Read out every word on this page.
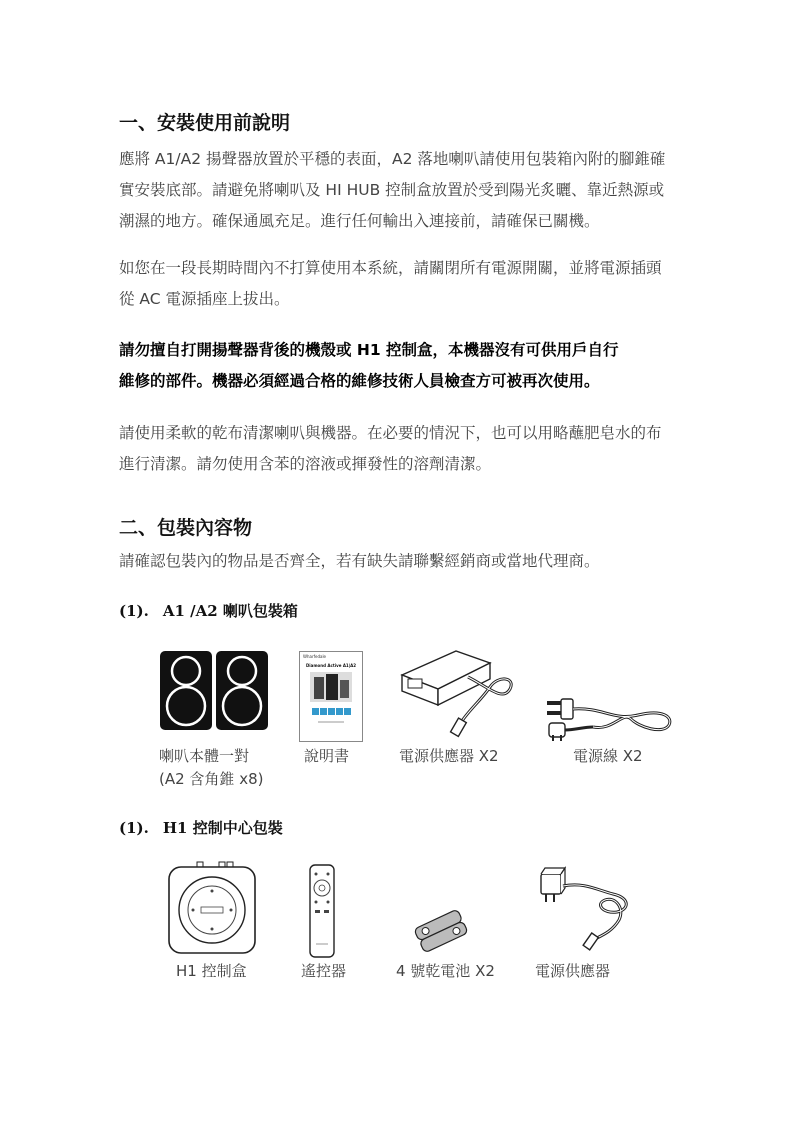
一、安裝使用前說明
應將 A1/A2 揚聲器放置於平穩的表面，A2 落地喇叭請使用包裝箱內附的腳錐確
實安裝底部。請避免將喇叭及 HI HUB 控制盒放置於受到陽光炙曬、靠近熱源或
潮濕的地方。確保通風充足。進行任何輸出入連接前，請確保已關機。
如您在一段長期時間內不打算使用本系統，請關閉所有電源開關，並將電源插頭
從 AC 電源插座上拔出。
請勿擅自打開揚聲器背後的機殼或 H1 控制盒，本機器沒有可供用戶自行
維修的部件。機器必須經過合格的維修技術人員檢查方可被再次使用。
請使用柔軟的乾布清潔喇叭與機器。在必要的情況下，也可以用略蘸肥皂水的布
進行清潔。請勿使用含苯的溶液或揮發性的溶劑清潔。
二、包裝內容物
請確認包裝內的物品是否齊全，若有缺失請聯繫經銷商或當地代理商。
(1). A1 /A2 喇叭包裝箱
Wharfedale
Diamond Active A1|A2
喇叭本體一對
(A2 含角錐 x8)
說明書	電源供應器 X2	電源線 X2
(1). H1 控制中心包裝
H1 控制盒	遙控器	4 號乾電池 X2	電源供應器
